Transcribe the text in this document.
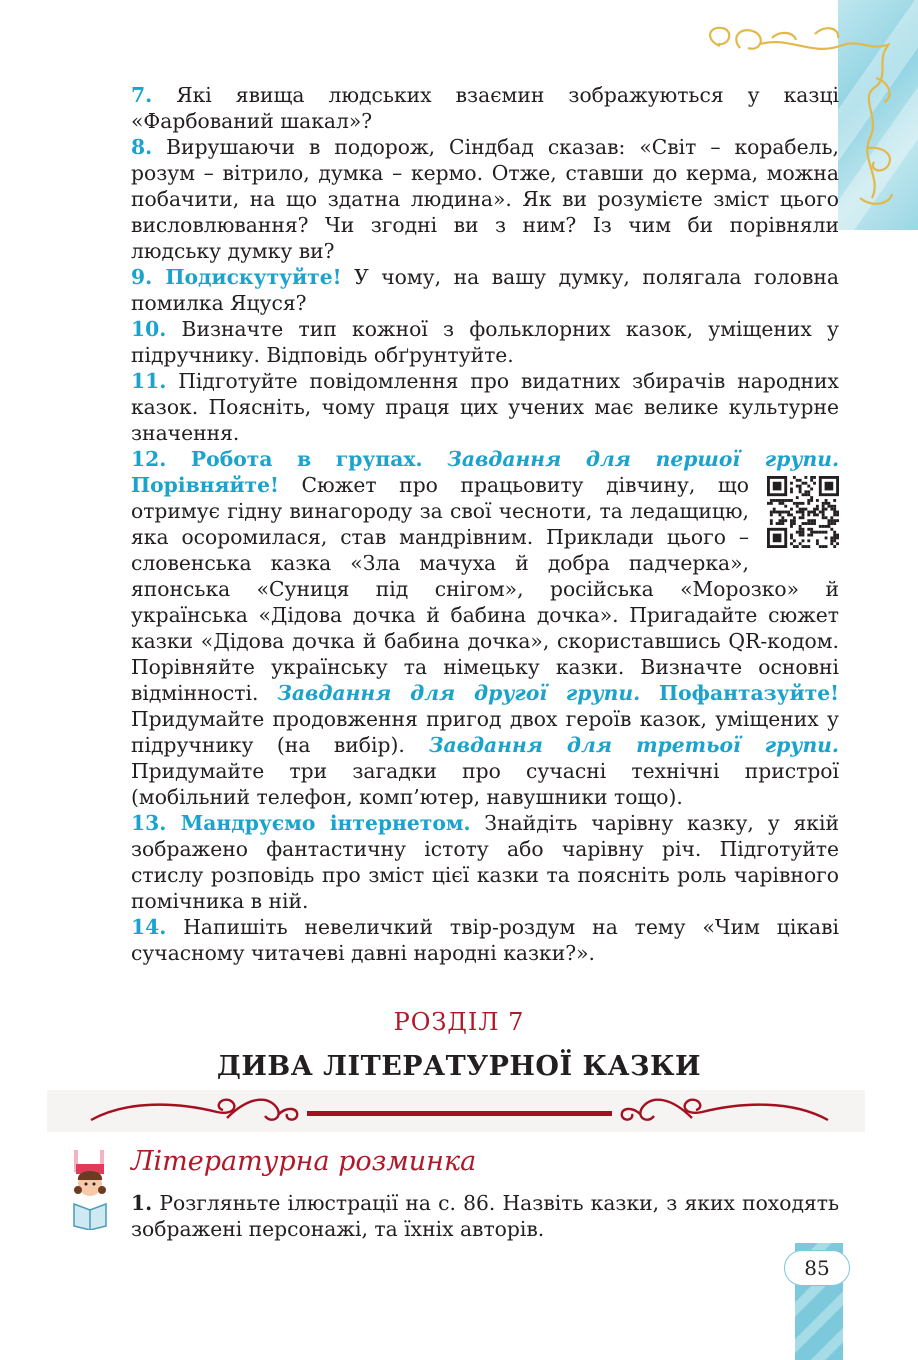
7. Які явища людських взаємин зображуються у казці «Фарбований шакал»?

8. Вирушаючи в подорож, Сіндбад сказав: «Світ – корабель, розум – вітрило, думка – кермо. Отже, ставши до керма, можна побачити, на що здатна людина». Як ви розумієте зміст цього висловлювання? Чи згодні ви з ним? Із чим би порівняли людську думку ви?

9. Подискутуйте! У чому, на вашу думку, полягала головна помилка Яцуся?

10. Визначте тип кожної з фольклорних казок, уміщених у підручнику. Відповідь обґрунтуйте.

11. Підготуйте повідомлення про видатних збирачів народних казок. Поясніть, чому праця цих учених має велике культурне значення.

12. Робота в групах. Завдання для першої групи. Порівняйте!
Сюжет про працьовиту дівчину, що отримує гідну винагороду за свої чесноти, та ледащицю, яка осоромилася, став мандрівним. Приклади цього – словенська казка «Зла мачуха й добра падчерка», японська «Суниця під снігом», російська «Морозко» й українська «Дідова дочка й бабина дочка». Пригадайте сюжет казки «Дідова дочка й бабина дочка», скориставшись QR-кодом. Порівняйте українську та німецьку казки. Визначте основні відмінності. Завдання для другої групи. Пофантазуйте! Придумайте продовження пригод двох героїв казок, уміщених у підручнику (на вибір). Завдання для третьої групи. Придумайте три загадки про сучасні технічні пристрої (мобільний телефон, комп’ютер, навушники тощо).

13. Мандруємо інтернетом. Знайдіть чарівну казку, у якій зображено фантастичну істоту або чарівну річ. Підготуйте стислу розповідь про зміст цієї казки та поясніть роль чарівного помічника в ній.

14. Напишіть невеличкий твір-роздум на тему «Чим цікаві сучасному читачеві давні народні казки?».

РОЗДІЛ 7
ДИВА ЛІТЕРАТУРНОЇ КАЗКИ
Літературна розминка

1. Розгляньте ілюстрації на с. 86. Назвіть казки, з яких походять зображені персонажі, та їхніх авторів.

85
